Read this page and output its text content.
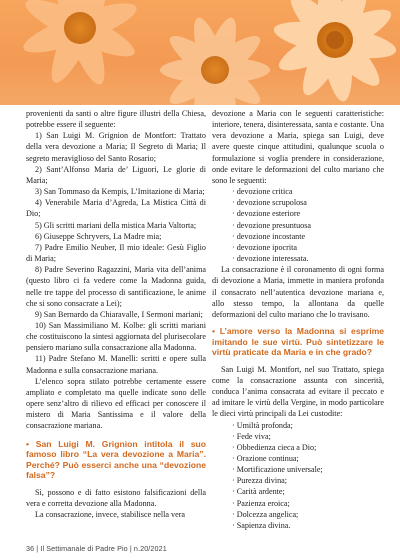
provenienti da santi o altre figure illustri della Chiesa, potrebbe essere il seguente:

1) San Luigi M. Grignion de Montfort: Trattato della vera devozione a Maria; Il Segreto di Maria; Il segreto meraviglioso del Santo Rosario;

2) Sant’Alfonso Maria de’ Liguori, Le glorie di Maria;

3) San Tommaso da Kempis, L’Imitazione di Maria;

4) Venerabile Maria d’Agreda, La Mistica Città di Dio;

5) Gli scritti mariani della mistica Maria Valtorta;

6) Giuseppe Schryvers, La Madre mia;

7) Padre Emilio Neuber, Il mio ideale: Gesù Figlio di Maria;

8) Padre Severino Ragazzini, Maria vita dell’anima (questo libro ci fa vedere come la Madonna guida, nelle tre tappe del processo di santificazione, le anime che si sono consacrate a Lei);

9) San Bernardo da Chiaravalle, I Sermoni mariani;

10) San Massimiliano M. Kolbe: gli scritti mariani che costituiscono la sintesi aggiornata del plurisecolare pensiero mariano sulla consacrazione alla Madonna.

11) Padre Stefano M. Manelli: scritti e opere sulla Madonna e sulla consacrazione mariana.

L’elenco sopra stilato potrebbe certamente essere ampliato e completato ma quelle indicate sono delle opere senz’altro di rilievo ed efficaci per conoscere il mistero di Maria Santissima e il valore della consacrazione mariana.

• San Luigi M. Grignion intitola il suo famoso libro “La vera devozione a Maria”. Perché? Può esserci anche una “devozione falsa”?

Sì, possono e di fatto esistono falsificazioni della vera e corretta devozione alla Madonna.

La consacrazione, invece, stabilisce nella vera

devozione a Maria con le seguenti caratteristiche: interiore, tenera, disinteressata, santa e costante. Una vera devozione a Maria, spiega san Luigi, deve avere queste cinque attitudini, qualunque scuola o formulazione si voglia prendere in considerazione, onde evitare le deformazioni del culto mariano che sono le seguenti:

· devozione critica
· devozione scrupolosa
· devozione esteriore
· devozione presuntuosa
· devozione incostante
· devozione ipocrita
· devozione interessata.

La consacrazione è il coronamento di ogni forma di devozione a Maria, immette in maniera profonda il consacrato nell’autentica devozione mariana e, allo stesso tempo, la allontana da quelle deformazioni del culto mariano che lo travisano.

• L’amore verso la Madonna si esprime imitando le sue virtù. Può sintetizzare le virtù praticate da Maria e in che grado?

San Luigi M. Montfort, nel suo Trattato, spiega come la consacrazione assunta con sincerità, conduca l’anima consacrata ad evitare il peccato e ad imitare le virtù della Vergine, in modo particolare le dieci virtù principali da Lei custodite:

· Umiltà profonda;
· Fede viva;
· Obbedienza cieca a Dio;
· Orazione continua;
· Mortificazione universale;
· Purezza divina;
· Carità ardente;
· Pazienza eroica;
· Dolcezza angelica;
· Sapienza divina.
36 | Il Settimanale di Padre Pio | n.20/2021
